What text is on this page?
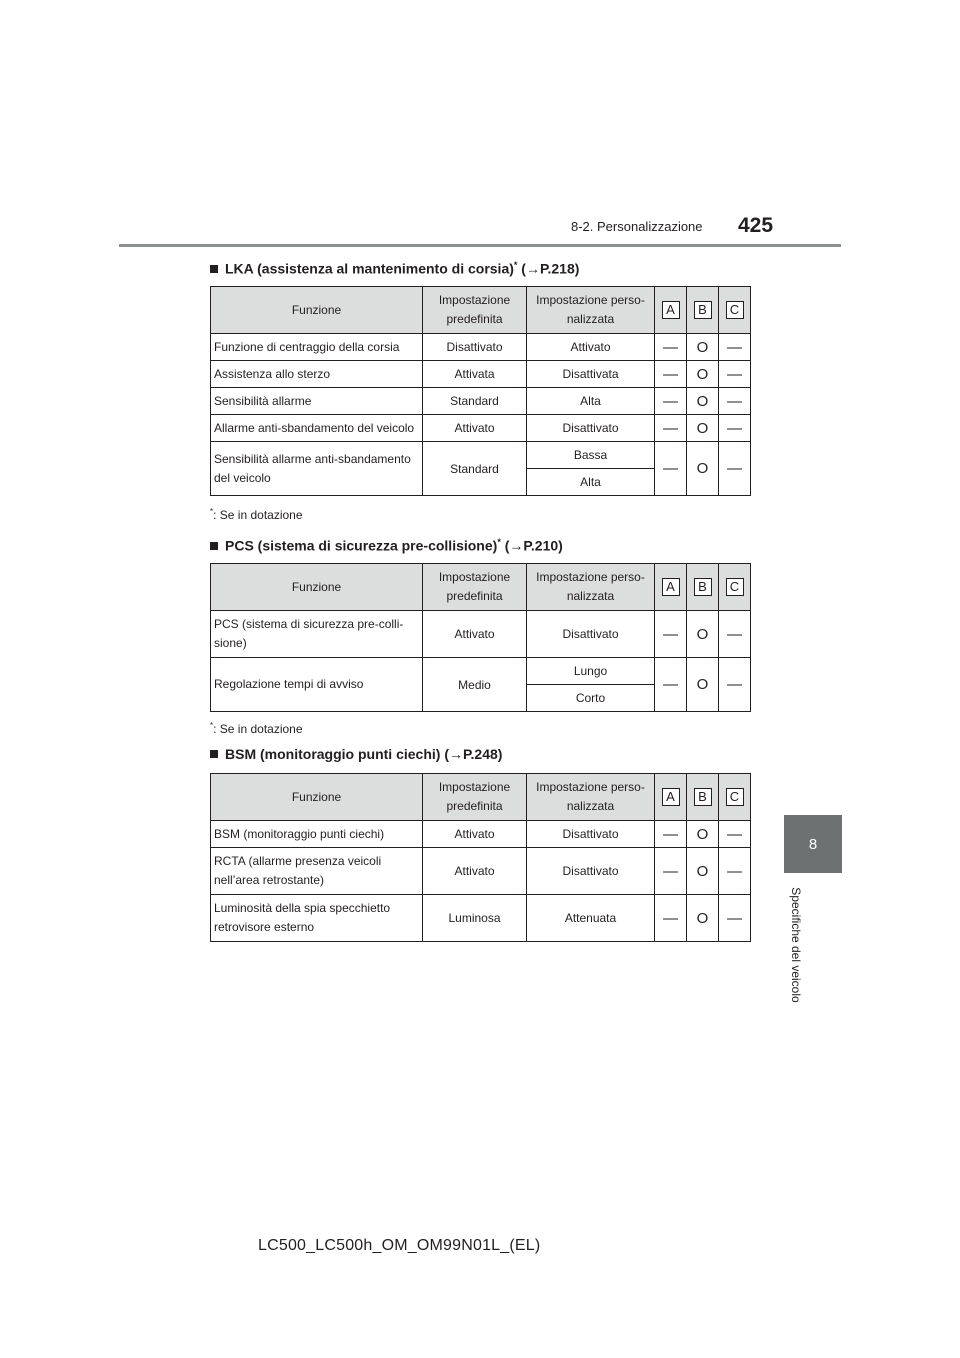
8-2. Personalizzazione 425
8
Specifiche del veicolo
LKA (assistenza al mantenimento di corsia)* (→P.218)
Funzione	Impostazione predefinita	Impostazione perso-nalizzata	A	B	C
Funzione di centraggio della corsia	Disattivato	Attivato	—	O	—
Assistenza allo sterzo	Attivata	Disattivata	—	O	—
Sensibilità allarme	Standard	Alta	—	O	—
Allarme anti-sbandamento del veicolo	Attivato	Disattivato	—	O	—
Sensibilità allarme anti-sbandamento del veicolo	Standard	Bassa	—	O	—
		Alta			
*: Se in dotazione
PCS (sistema di sicurezza pre-collisione)* (→P.210)
Funzione	Impostazione predefinita	Impostazione perso-nalizzata	A	B	C
PCS (sistema di sicurezza pre-colli-sione)	Attivato	Disattivato	—	O	—
Regolazione tempi di avviso	Medio	Lungo	—	O	—
		Corto			
*: Se in dotazione
BSM (monitoraggio punti ciechi) (→P.248)
Funzione	Impostazione predefinita	Impostazione perso-nalizzata	A	B	C
BSM (monitoraggio punti ciechi)	Attivato	Disattivato	—	O	—
RCTA (allarme presenza veicoli nell’area retrostante)	Attivato	Disattivato	—	O	—
Luminosità della spia specchietto retrovisore esterno	Luminosa	Attenuata	—	O	—
LC500_LC500h_OM_OM99N01L_(EL)
